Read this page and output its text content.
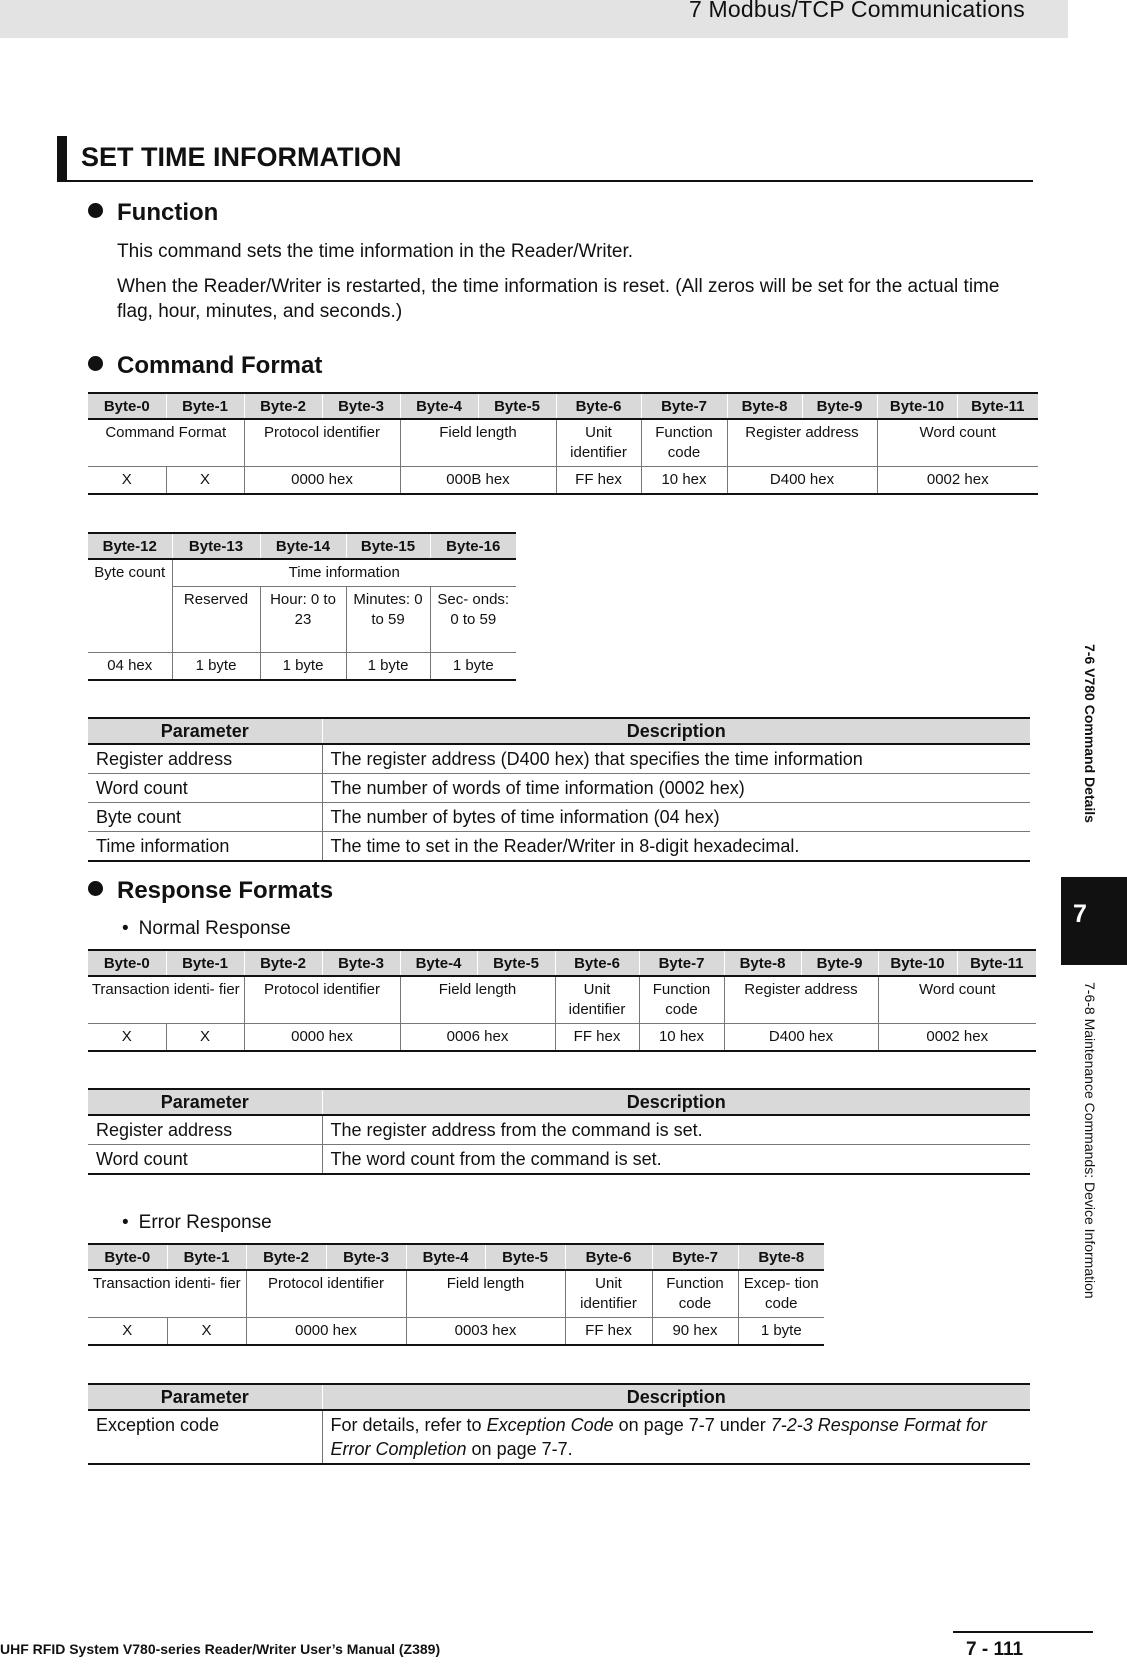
7 Modbus/TCP Communications
SET TIME INFORMATION
Function
This command sets the time information in the Reader/Writer.
When the Reader/Writer is restarted, the time information is reset. (All zeros will be set for the actual time flag, hour, minutes, and seconds.)
Command Format
Byte-0	Byte-1	Byte-2	Byte-3	Byte-4	Byte-5	Byte-6	Byte-7	Byte-8	Byte-9	Byte-10	Byte-11
Command Format		Protocol identifier		Field length		Unit identifier	Function code	Register address		Word count	
X	X	0000 hex		000B hex		FF hex	10 hex	D400 hex		0002 hex	
Byte-12	Byte-13	Byte-14	Byte-15	Byte-16
Byte count	Time information			
	Reserved	Hour: 0 to 23	Minutes: 0 to 59	Sec- onds: 0 to 59
04 hex	1 byte	1 byte	1 byte	1 byte
Parameter	Description
Register address	The register address (D400 hex) that specifies the time information
Word count	The number of words of time information (0002 hex)
Byte count	The number of bytes of time information (04 hex)
Time information	The time to set in the Reader/Writer in 8-digit hexadecimal.
Response Formats
• Normal Response
Byte-0	Byte-1	Byte-2	Byte-3	Byte-4	Byte-5	Byte-6	Byte-7	Byte-8	Byte-9	Byte-10	Byte-11
Transaction identi- fier		Protocol identifier		Field length		Unit identifier	Function code	Register address		Word count	
X	X	0000 hex		0006 hex		FF hex	10 hex	D400 hex		0002 hex	
Parameter	Description
Register address	The register address from the command is set.
Word count	The word count from the command is set.
• Error Response
Byte-0	Byte-1	Byte-2	Byte-3	Byte-4	Byte-5	Byte-6	Byte-7	Byte-8
Transaction identi- fier		Protocol identifier		Field length		Unit identifier	Function code	Excep- tion code
X	X	0000 hex		0003 hex		FF hex	90 hex	1 byte
Parameter	Description
Exception code	For details, refer to Exception Code on page 7-7 under 7-2-3 Response Format for Error Completion on page 7-7.
7-6 V780 Command Details
7
7-6-8 Maintenance Commands: Device Information
UHF RFID System V780-series Reader/Writer User’s Manual (Z389)	7 - 111
